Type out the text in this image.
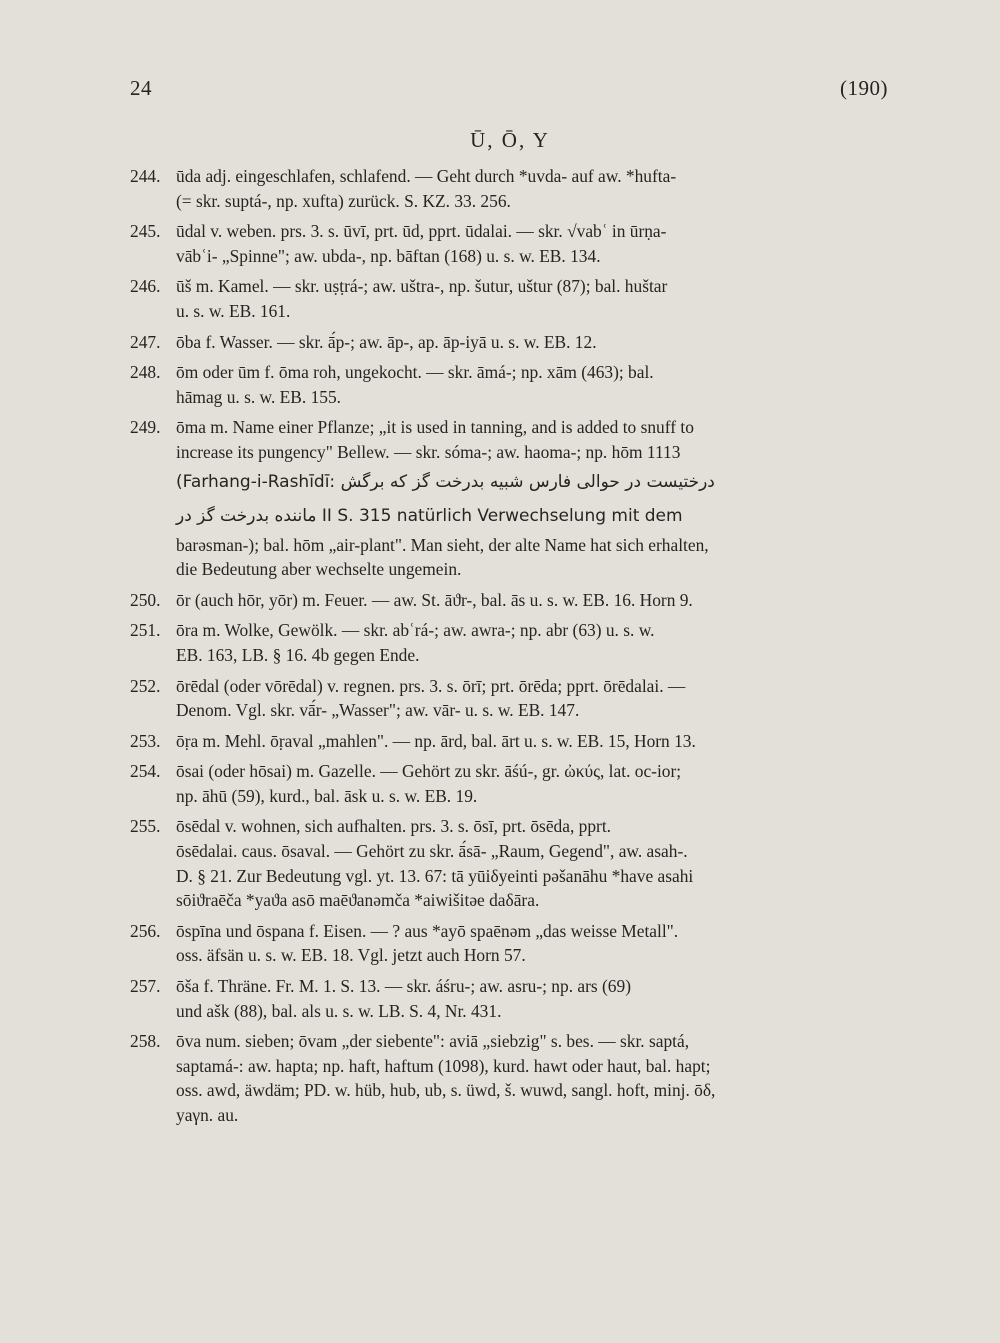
24	(190)
Ū, Ō, Y
244. ūda adj. eingeschlafen, schlafend. — Geht durch *uvda- auf aw. *hufta-
(= skr. suptá-, np. xufta) zurück. S. KZ. 33. 256.
245. ūdal v. weben. prs. 3. s. ūvī, prt. ūd, pprt. ūdalai. — skr. √vabʿ in ūrṇa-
vābʿi- „Spinne"; aw. ubda-, np. bāftan (168) u. s. w. EB. 134.
246. ūš m. Kamel. — skr. uṣṭrá-; aw. uštra-, np. šutur, uštur (87); bal. huštar
u. s. w. EB. 161.
247. ōba f. Wasser. — skr. ā́p-; aw. āp-, ap. āp-iyā u. s. w. EB. 12.
248. ōm oder ūm f. ōma roh, ungekocht. — skr. āmá-; np. xām (463); bal.
hāmag u. s. w. EB. 155.
249. ōma m. Name einer Pflanze; „it is used in tanning, and is added to snuff to
increase its pungency" Bellew. — skr. sóma-; aw. haoma-; np. hōm 1113
(Farhang-i-Rashīdī: درختیست در حوالی فارس شبیه بدرخت گز که برگش
ماننده بدرخت گز در II S. 315 natürlich Verwechselung mit dem
barəsman-); bal. hōm „air-plant". Man sieht, der alte Name hat sich erhalten,
die Bedeutung aber wechselte ungemein.
250. ōr (auch hōr, yōr) m. Feuer. — aw. St. āϑr-, bal. ās u. s. w. EB. 16. Horn 9.
251. ōra m. Wolke, Gewölk. — skr. abʿrá-; aw. awra-; np. abr (63) u. s. w.
EB. 163, LB. § 16. 4b gegen Ende.
252. ōrēdal (oder vōrēdal) v. regnen. prs. 3. s. ōrī; prt. ōrēda; pprt. ōrēdalai. —
Denom. Vgl. skr. vā́r- „Wasser"; aw. vār- u. s. w. EB. 147.
253. ōṛa m. Mehl. ōṛaval „mahlen". — np. ārd, bal. ārt u. s. w. EB. 15, Horn 13.
254. ōsai (oder hōsai) m. Gazelle. — Gehört zu skr. āśú-, gr. ὠκύς, lat. oc-ior;
np. āhū (59), kurd., bal. āsk u. s. w. EB. 19.
255. ōsēdal v. wohnen, sich aufhalten. prs. 3. s. ōsī, prt. ōsēda, pprt.
ōsēdalai. caus. ōsaval. — Gehört zu skr. ā́sā- „Raum, Gegend", aw. asah-.
D. § 21. Zur Bedeutung vgl. yt. 13. 67: tā yūiδyeinti pəšanāhu *have asahi
sōiϑraēča *yaϑa asō maēϑanəmča *aiwišitəe daδāra.
256. ōspīna und ōspana f. Eisen. — ? aus *ayō spaēnəm „das weisse Metall".
oss. äfsän u. s. w. EB. 18. Vgl. jetzt auch Horn 57.
257. ōša f. Thräne. Fr. M. 1. S. 13. — skr. áśru-; aw. asru-; np. ars (69)
und ašk (88), bal. als u. s. w. LB. S. 4, Nr. 431.
258. ōva num. sieben; ōvam „der siebente": aviā „siebzig" s. bes. — skr. saptá,
saptamá-: aw. hapta; np. haft, haftum (1098), kurd. hawt oder haut, bal. hapt;
oss. awd, äwdäm; PD. w. hüb, hub, ub, s. üwd, š. wuwd, sangl. hoft, minj. ōδ,
yaγn. au.
